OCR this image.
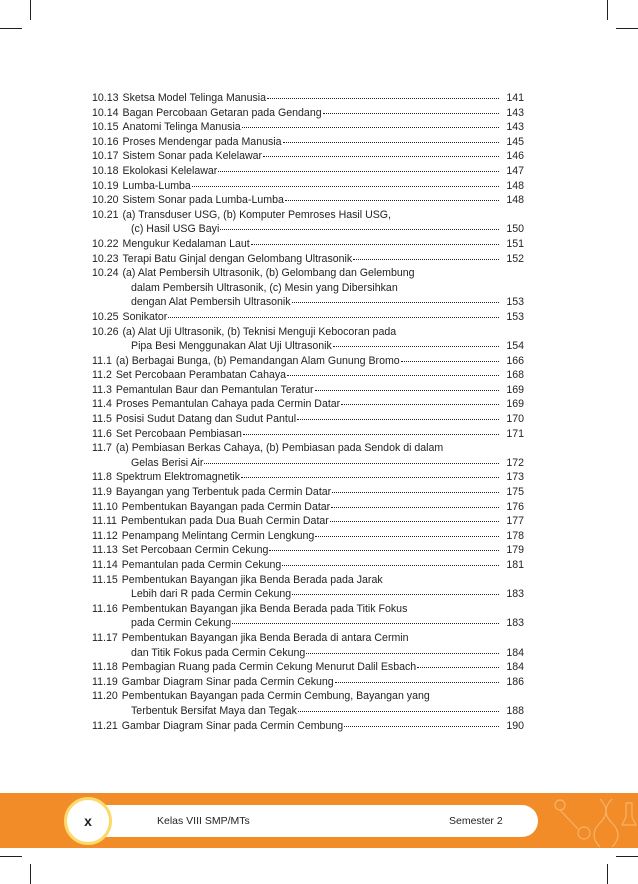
10.13 Sketsa Model Telinga Manusia	141
10.14 Bagan Percobaan Getaran pada Gendang	143
10.15 Anatomi Telinga Manusia	143
10.16 Proses Mendengar pada Manusia	145
10.17 Sistem Sonar pada Kelelawar	146
10.18 Ekolokasi Kelelawar	147
10.19 Lumba-Lumba	148
10.20 Sistem Sonar pada Lumba-Lumba	148
10.21 (a) Transduser USG, (b) Komputer Pemroses Hasil USG,
(c) Hasil USG Bayi	150
10.22 Mengukur Kedalaman Laut	151
10.23 Terapi Batu Ginjal dengan Gelombang Ultrasonik	152
10.24 (a) Alat Pembersih Ultrasonik, (b) Gelombang dan Gelembung
dalam Pembersih Ultrasonik, (c) Mesin yang Dibersihkan
dengan Alat Pembersih Ultrasonik	153
10.25 Sonikator	153
10.26 (a) Alat Uji Ultrasonik, (b) Teknisi Menguji Kebocoran pada
Pipa Besi Menggunakan Alat Uji Ultrasonik	154
11.1 (a) Berbagai Bunga, (b) Pemandangan Alam Gunung Bromo	166
11.2 Set Percobaan Perambatan Cahaya	168
11.3 Pemantulan Baur dan Pemantulan Teratur	169
11.4 Proses Pemantulan Cahaya pada Cermin Datar	169
11.5 Posisi Sudut Datang dan Sudut Pantul	170
11.6 Set Percobaan Pembiasan	171
11.7 (a) Pembiasan Berkas Cahaya, (b) Pembiasan pada Sendok di dalam
Gelas Berisi Air	172
11.8 Spektrum Elektromagnetik	173
11.9 Bayangan yang Terbentuk pada Cermin Datar	175
11.10 Pembentukan Bayangan pada Cermin Datar	176
11.11 Pembentukan pada Dua Buah Cermin Datar	177
11.12 Penampang Melintang Cermin Lengkung	178
11.13 Set Percobaan Cermin Cekung	179
11.14 Pemantulan pada Cermin Cekung	181
11.15 Pembentukan Bayangan jika Benda Berada pada Jarak
Lebih dari R pada Cermin Cekung	183
11.16 Pembentukan Bayangan jika Benda Berada pada Titik Fokus
pada Cermin Cekung	183
11.17 Pembentukan Bayangan jika Benda Berada di antara Cermin
dan Titik Fokus pada Cermin Cekung	184
11.18 Pembagian Ruang pada Cermin Cekung Menurut Dalil Esbach	184
11.19 Gambar Diagram Sinar pada Cermin Cekung	186
11.20 Pembentukan Bayangan pada Cermin Cembung, Bayangan yang
Terbentuk Bersifat Maya dan Tegak	188
11.21 Gambar Diagram Sinar pada Cermin Cembung	190
x	Kelas VIII SMP/MTs	Semester 2
